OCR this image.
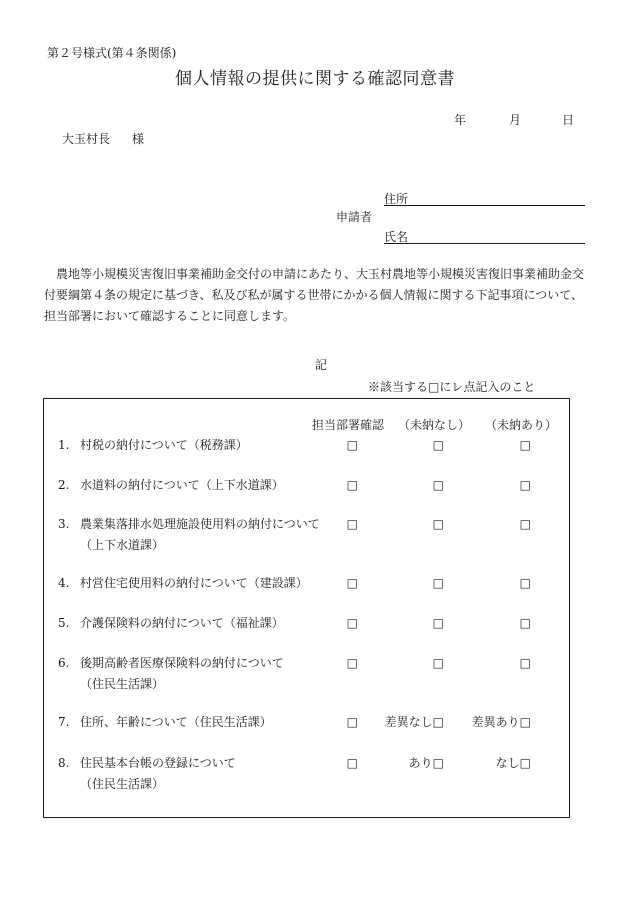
第２号様式(第４条関係)
個人情報の提供に関する確認同意書
年	月	日
大玉村長 様
申請者
住所
氏名
農地等小規模災害復旧事業補助金交付の申請にあたり、大玉村農地等小規模災害復旧事業補助金交付要綱第４条の規定に基づき、私及び私が属する世帯にかかる個人情報に関する下記事項について、担当部署において確認することに同意します。
記
※該当する□にレ点記入のこと
担当部署確認 （未納なし） （未納あり）
1. 村税の納付について（税務課）	□	□	□
2. 水道料の納付について（上下水道課）	□	□	□
3. 農業集落排水処理施設使用料の納付について
（上下水道課）
□	□	□
4. 村営住宅使用料の納付について（建設課）	□	□	□
5. 介護保険料の納付について（福祉課）	□	□	□
6. 後期高齢者医療保険料の納付について
（住民生活課）
□	□	□
7. 住所、年齢について（住民生活課）	□ 差異なし□ 差異あり□
8. 住民基本台帳の登録について
（住民生活課）
□	あり□	なし□
